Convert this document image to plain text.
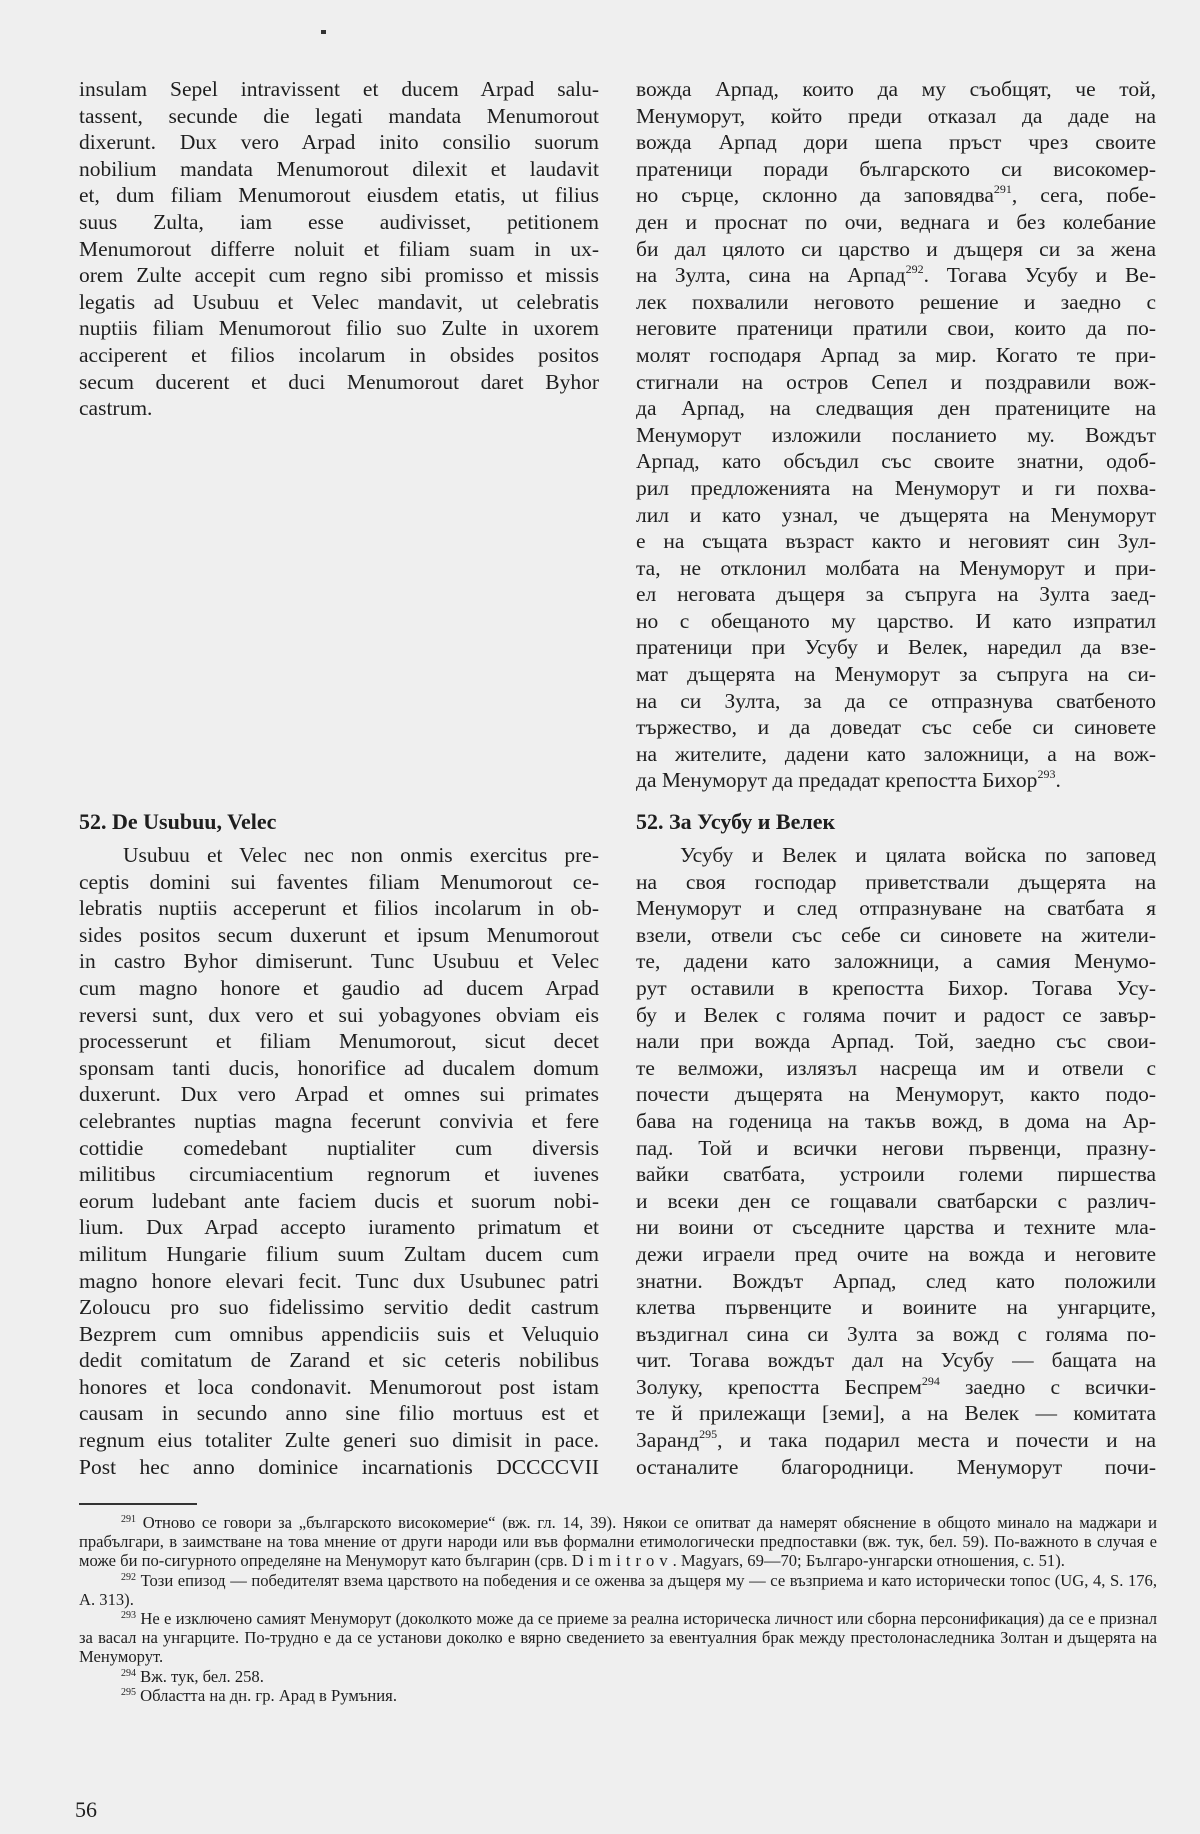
insulam Sepel intravissent et ducem Arpad salu-
tassent, secunde die legati mandata Menumorout
dixerunt. Dux vero Arpad inito consilio suorum
nobilium mandata Menumorout dilexit et laudavit
et, dum filiam Menumorout eiusdem etatis, ut filius
suus Zulta, iam esse audivisset, petitionem
Menumorout differre noluit et filiam suam in ux-
orem Zulte accepit cum regno sibi promisso et missis
legatis ad Usubuu et Velec mandavit, ut celebratis
nuptiis filiam Menumorout filio suo Zulte in uxorem
acciperent et filios incolarum in obsides positos
secum ducerent et duci Menumorout daret Byhor
castrum.
52. De Usubuu, Velec
Usubuu et Velec nec non onmis exercitus pre-
ceptis domini sui faventes filiam Menumorout ce-
lebratis nuptiis acceperunt et filios incolarum in ob-
sides positos secum duxerunt et ipsum Menumorout
in castro Byhor dimiserunt. Tunc Usubuu et Velec
cum magno honore et gaudio ad ducem Arpad
reversi sunt, dux vero et sui yobagyones obviam eis
processerunt et filiam Menumorout, sicut decet
sponsam tanti ducis, honorifice ad ducalem domum
duxerunt. Dux vero Arpad et omnes sui primates
celebrantes nuptias magna fecerunt convivia et fere
cottidie comedebant nuptialiter cum diversis
militibus circumiacentium regnorum et iuvenes
eorum ludebant ante faciem ducis et suorum nobi-
lium. Dux Arpad accepto iuramento primatum et
militum Hungarie filium suum Zultam ducem cum
magno honore elevari fecit. Tunc dux Usubunec patri
Zoloucu pro suo fidelissimo servitio dedit castrum
Bezprem cum omnibus appendiciis suis et Veluquio
dedit comitatum de Zarand et sic ceteris nobilibus
honores et loca condonavit. Menumorout post istam
causam in secundo anno sine filio mortuus est et
regnum eius totaliter Zulte generi suo dimisit in pace.
Post hec anno dominice incarnationis DCCCCVII
вожда Арпад, които да му съобщят, че той,
Менуморут, който преди отказал да даде на
вожда Арпад дори шепа пръст чрез своите
пратеници поради българското си високомер-
но сърце, склонно да заповядва$^{291}$, сега, побе-
ден и проснат по очи, веднага и без колебание
би дал цялото си царство и дъщеря си за жена
на Зулта, сина на Арпад$^{292}$. Тогава Усубу и Ве-
лек похвалили неговото решение и заедно с
неговите пратеници пратили свои, които да по-
молят господаря Арпад за мир. Когато те при-
стигнали на остров Сепел и поздравили вож-
да Арпад, на следващия ден пратениците на
Менуморут изложили посланието му. Вождът
Арпад, като обсъдил със своите знатни, одоб-
рил предложенията на Менуморут и ги похва-
лил и като узнал, че дъщерята на Менуморут
е на същата възраст както и неговият син Зул-
та, не отклонил молбата на Менуморут и при-
ел неговата дъщеря за съпруга на Зулта заед-
но с обещаното му царство. И като изпратил
пратеници при Усубу и Велек, наредил да взе-
мат дъщерята на Менуморут за съпруга на си-
на си Зулта, за да се отпразнува сватбеното
тържество, и да доведат със себе си синовете
на жителите, дадени като заложници, а на вож-
да Менуморут да предадат крепостта Бихор$^{293}$.
52. За Усубу и Велек
Усубу и Велек и цялата войска по заповед
на своя господар приветствали дъщерята на
Менуморут и след отпразнуване на сватбата я
взели, отвели със себе си синовете на жители-
те, дадени като заложници, а самия Менумо-
рут оставили в крепостта Бихор. Тогава Усу-
бу и Велек с голяма почит и радост се завър-
нали при вожда Арпад. Той, заедно със свои-
те велможи, излязъл насреща им и отвели с
почести дъщерята на Менуморут, както подо-
бава на годеница на такъв вожд, в дома на Ар-
пад. Той и всички негови първенци, празну-
вайки сватбата, устроили големи пиршества
и всеки ден се гощавали сватбарски с различ-
ни воини от съседните царства и техните мла-
дежи играели пред очите на вожда и неговите
знатни. Вождът Арпад, след като положили
клетва първенците и воините на унгарците,
въздигнал сина си Зулта за вожд с голяма по-
чит. Тогава вождът дал на Усубу — бащата на
Золуку, крепостта Беспрем$^{294}$ заедно с всички-
те й прилежащи [земи], а на Велек — комитата
Заранд$^{295}$, и така подарил места и почести и на
останалите благородници. Менуморут почи-

$^{291}$ Отново се говори за „българското високомерие“ (вж. гл. 14, 39). Някои се опитват да намерят обяснение в общото минало на маджари и прабългари, в заимстване на това мнение от други народи или във формални етимологически предпоставки (вж. тук, бел. 59). По-важното в случая е може би по-сигурното определяне на Менуморут като българин (срв. Dimitrov. Magyars, 69—70; Българо-унгарски отношения, с. 51).

$^{292}$ Този епизод — победителят взема царството на победения и се оженва за дъщеря му — се възприема и като исторически топос (UG, 4, S. 176, A. 313).

$^{293}$ Не е изключено самият Менуморут (доколкото може да се приеме за реална историческа личност или сборна персонификация) да се е признал за васал на унгарците. По-трудно е да се установи доколко е вярно сведението за евентуалния брак между престолонаследника Золтан и дъщерята на Менуморут.

$^{294}$ Вж. тук, бел. 258.

$^{295}$ Областта на дн. гр. Арад в Румъния.

56
